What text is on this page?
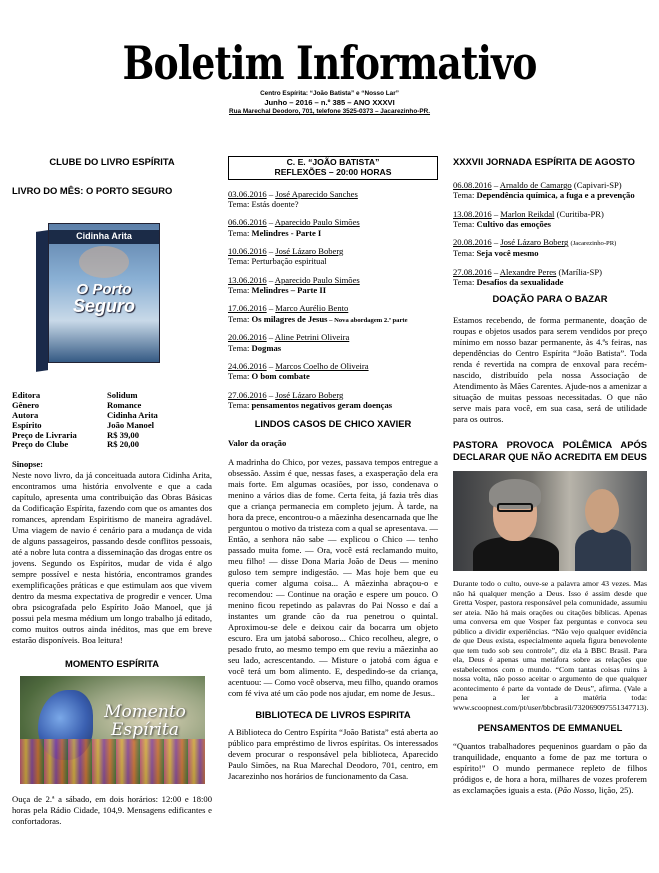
Boletim Informativo
Centro Espírita: “João Batista” e “Nosso Lar”
Junho – 2016 – n.º 385 – ANO XXXVI
Rua Marechal Deodoro, 701, telefone 3525-0373 – Jacarezinho-PR.
CLUBE DO LIVRO ESPÍRITA
LIVRO DO MÊS: O PORTO SEGURO
Cidinha Arita
O Porto
Seguro
Editora	Solidum
Gênero	Romance
Autora	Cidinha Arita
Espírito	João Manoel
Preço de Livraria	R$ 39,00
Preço do Clube	R$ 20,00
Sinopse:
Neste novo livro, da já conceituada autora Cidinha Arita, encontramos uma história envolvente e que a cada capítulo, apresenta uma contribuição das Obras Básicas da Codificação Espírita, fazendo com que os amantes dos romances, aprendam Espiritismo de maneira agradável. Uma viagem de navio é cenário para a mudança de vida de alguns passageiros, passando desde conflitos pessoais, até a nobre luta contra a disseminação das drogas entre os jovens. Segundo os Espíritos, mudar de vida é algo sempre possível e nesta história, encontramos grandes exemplificações práticas e que estimulam aos que vivem dentro da mesma expectativa de progredir e vencer. Uma obra psicografada pelo Espírito João Manoel, que já possui pela mesma médium um longo trabalho já editado, como muitos outros ainda inéditos, mas que em breve estarão disponíveis. Boa leitura!
MOMENTO ESPÍRITA
Momento
Espírita
Ouça de 2.ª a sábado, em dois horários: 12:00 e 18:00 horas pela Rádio Cidade, 104,9. Mensagens edificantes e confortadoras.
C. E. “JOÃO BATISTA”
REFLEXÕES – 20:00 HORAS
03.06.2016 – José Aparecido Sanches
Tema: Estás doente?
06.06.2016 – Aparecido Paulo Simões
Tema: Melindres - Parte I
10.06.2016 – José Lázaro Boberg
Tema: Perturbação espiritual
13.06.2016 – Aparecido Paulo Simões
Tema: Melindres – Parte II
17.06.2016 – Marco Aurélio Bento
Tema: Os milagres de Jesus – Nova abordagem 2.ª parte
20.06.2016 – Aline Petrini Oliveira
Tema: Dogmas
24.06.2016 – Marcos Coelho de Oliveira
Tema: O bom combate
27.06.2016 – José Lázaro Boberg
Tema: pensamentos negativos geram doenças
LINDOS CASOS DE CHICO XAVIER
Valor da oração
A madrinha do Chico, por vezes, passava tempos entregue a obsessão. Assim é que, nessas fases, a exasperação dela era mais forte. Em algumas ocasiões, por isso, condenava o menino a vários dias de fome. Certa feita, já fazia três dias que a criança permanecia em completo jejum. À tarde, na hora da prece, encontrou-o a mãezinha desencarnada que lhe perguntou o motivo da tristeza com a qual se apresentava. — Então, a senhora não sabe — explicou o Chico — tenho passado muita fome. — Ora, você está reclamando muito, meu filho! — disse Dona Maria João de Deus — menino guloso tem sempre indigestão. — Mas hoje bem que eu queria comer alguma coisa... A mãezinha abraçou-o e recomendou: — Continue na oração e espere um pouco. O menino ficou repetindo as palavras do Pai Nosso e daí a instantes um grande cão da rua penetrou o quintal. Aproximou-se dele e deixou cair da bocarra um objeto escuro. Era um jatobá saboroso... Chico recolheu, alegre, o pesado fruto, ao mesmo tempo em que reviu a mãezinha ao seu lado, acrescentando. — Misture o jatobá com água e você terá um bom alimento. E, despedindo-se da criança, acentuou: — Como você observa, meu filho, quando oramos com fé viva até um cão pode nos ajudar, em nome de Jesus..
BIBLIOTECA DE LIVROS ESPIRITA
A Biblioteca do Centro Espírita “João Batista” está aberta ao público para empréstimo de livros espíritas. Os interessados devem procurar o responsável pela biblioteca, Aparecido Paulo Simões, na Rua Marechal Deodoro, 701, centro, em Jacarezinho nos horários de funcionamento da Casa.
XXXVII JORNADA ESPÍRITA DE AGOSTO
06.08.2016 – Arnaldo de Camargo (Capivari-SP)
Tema: Dependência química, a fuga e a prevenção
13.08.2016 – Marlon Reikdal (Curitiba-PR)
Tema: Cultivo das emoções
20.08.2016 – José Lázaro Boberg (Jacarezinho-PR)
Tema: Seja você mesmo
27.08.2016 – Alexandre Peres (Marília-SP)
Tema: Desafios da sexualidade
DOAÇÃO PARA O BAZAR
Estamos recebendo, de forma permanente, doação de roupas e objetos usados para serem vendidos por preço mínimo em nosso bazar permanente, às 4.ªs feiras, nas dependências do Centro Espírita “João Batista”. Toda renda é revertida na compra de enxoval para recém-nascido, distribuído pela nossa Associação de Atendimento às Mães Carentes. Ajude-nos a amenizar a situação de muitas pessoas necessitadas. O que não serve mais para você, em sua casa, será de utilidade para os outros.
PASTORA PROVOCA POLÊMICA APÓS DECLARAR QUE NÃO ACREDITA EM DEUS
Durante todo o culto, ouve-se a palavra amor 43 vezes. Mas não há qualquer menção a Deus. Isso é assim desde que Gretta Vosper, pastora responsável pela comunidade, assumiu ser ateia. Não há mais orações ou citações bíblicas. Apenas uma conversa em que Vosper faz perguntas e convoca seu público a dividir experiências. “Não vejo qualquer evidência de que Deus exista, especialmente aquela figura benevolente que tem tudo sob seu controle”, diz ela à BBC Brasil. Para ela, Deus é apenas uma metáfora sobre as relações que estabelecemos com o mundo. “Com tantas coisas ruins à nossa volta, não posso aceitar o argumento de que qualquer acontecimento é parte da vontade de Deus”, afirma. (Vale a pena a ler a matéria toda: www.scoopnest.com/pt/user/bbcbrasil/732069097551347713).
PENSAMENTOS DE EMMANUEL
“Quantos trabalhadores pequeninos guardam o pão da tranquilidade, enquanto a fome de paz me tortura o espírito!” O mundo permanece repleto de filhos pródigos e, de hora a hora, milhares de vozes proferem as exclamações iguais a esta. (Pão Nosso, lição, 25).
